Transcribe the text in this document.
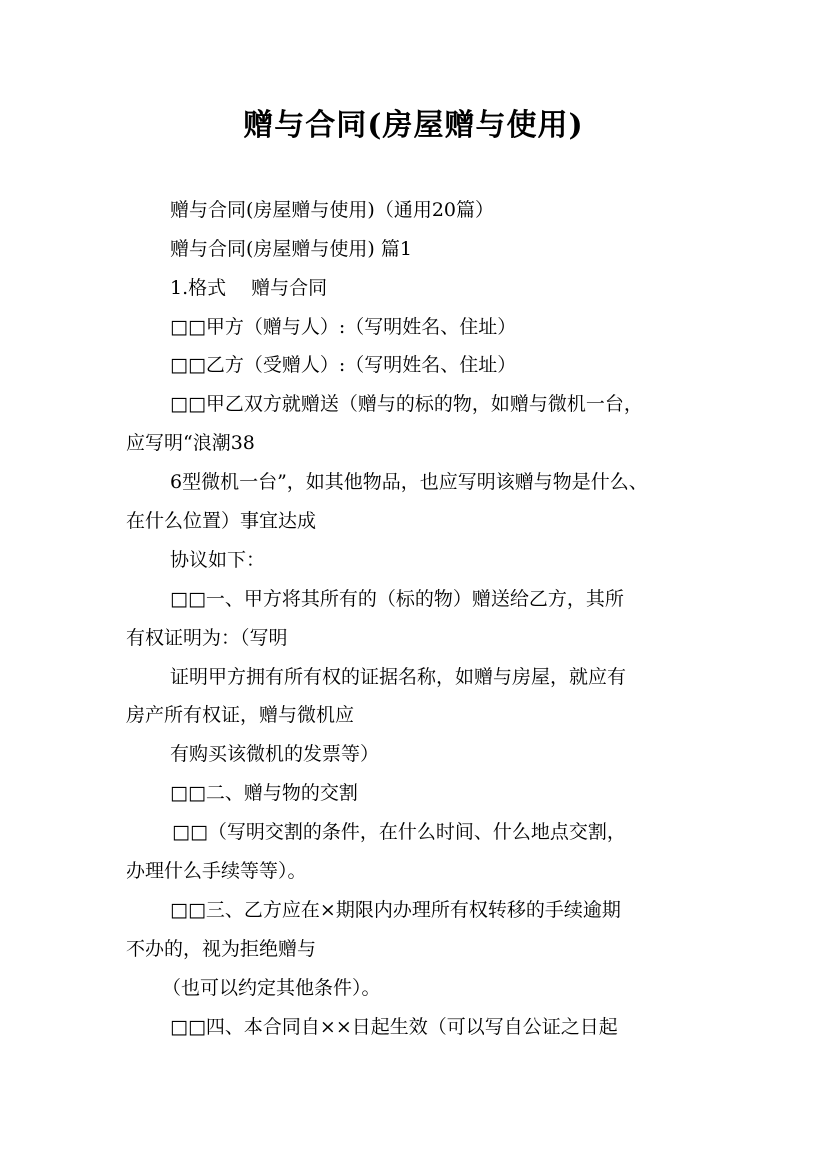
赠与合同(房屋赠与使用)

赠与合同(房屋赠与使用)（通用20篇）

赠与合同(房屋赠与使用) 篇1

1.格式　 赠与合同

□□甲方（赠与人）:（写明姓名、住址）

□□乙方（受赠人）:（写明姓名、住址）

□□甲乙双方就赠送（赠与的标的物，如赠与微机一台，

应写明“浪潮38

6型微机一台”，如其他物品，也应写明该赠与物是什么、

在什么位置）事宜达成

协议如下：

□□一、甲方将其所有的（标的物）赠送给乙方，其所

有权证明为：（写明

证明甲方拥有所有权的证据名称，如赠与房屋，就应有

房产所有权证，赠与微机应

有购买该微机的发票等）

□□二、赠与物的交割

□□（写明交割的条件，在什么时间、什么地点交割，

办理什么手续等等）。

□□三、乙方应在×期限内办理所有权转移的手续逾期

不办的，视为拒绝赠与

（也可以约定其他条件）。

□□四、本合同自××日起生效（可以写自公证之日起
